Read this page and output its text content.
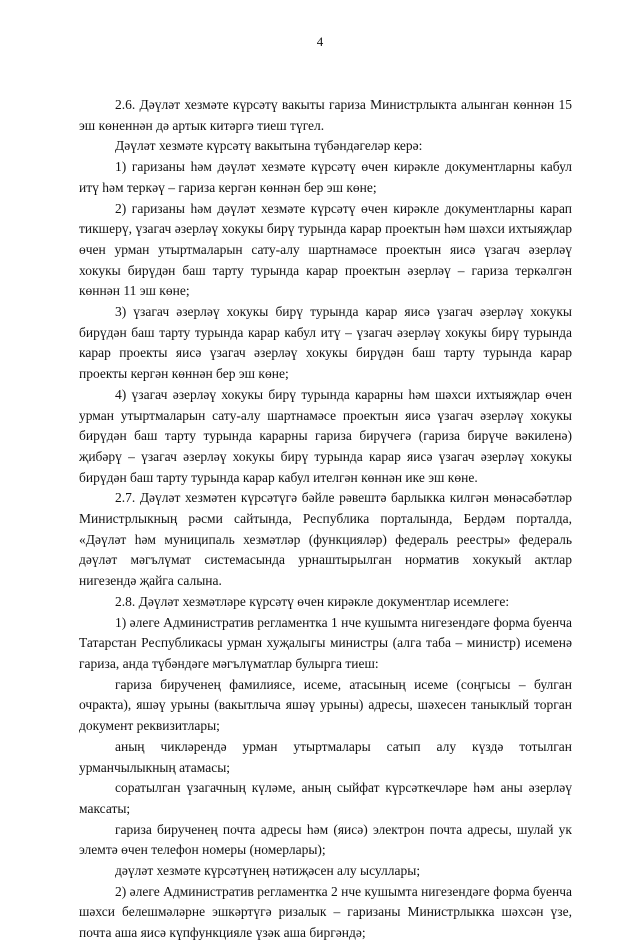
4

2.6. Дәүләт хезмәте күрсәтү вакыты гариза Министрлыкта алынган көннән 15 эш көненнән дә артык китәргә тиеш түгел.

Дәүләт хезмәте күрсәтү вакытына түбәндәгеләр керә:

1) гаризаны һәм дәүләт хезмәте күрсәтү өчен кирәкле документларны кабул итү һәм теркәү – гариза кергән көннән бер эш көне;

2) гаризаны һәм дәүләт хезмәте күрсәтү өчен кирәкле документларны карап тикшерү, үзагач әзерләү хокукы бирү турында карар проектын һәм шәхси ихтыяҗлар өчен урман утыртмаларын сату-алу шартнамәсе проектын яисә үзагач әзерләү хокукы бирүдән баш тарту турында карар проектын әзерләү – гариза теркәлгән көннән 11 эш көне;

3) үзагач әзерләү хокукы бирү турында карар яисә үзагач әзерләү хокукы бирүдән баш тарту турында карар кабул итү – үзагач әзерләү хокукы бирү турында карар проекты яисә үзагач әзерләү хокукы бирүдән баш тарту турында карар проекты кергән көннән бер эш көне;

4) үзагач әзерләү хокукы бирү турында карарны һәм шәхси ихтыяҗлар өчен урман утыртмаларын сату-алу шартнамәсе проектын яисә үзагач әзерләү хокукы бирүдән баш тарту турында карарны гариза бирүчегә (гариза бирүче вәкиленә) җибәрү – үзагач әзерләү хокукы бирү турында карар яисә үзагач әзерләү хокукы бирүдән баш тарту турында карар кабул ителгән көннән ике эш көне.

2.7. Дәүләт хезмәтен күрсәтүгә бәйле рәвештә барлыкка килгән мөнәсәбәтләр Министрлыкның рәсми сайтында, Республика порталында, Бердәм порталда, «Дәүләт һәм муниципаль хезмәтләр (функцияләр) федераль реестры» федераль дәүләт мәгълүмат системасында урнаштырылган норматив хокукый актлар нигезендә җайга салына.

2.8. Дәүләт хезмәтләре күрсәтү өчен кирәкле документлар исемлеге:

1) әлеге Административ регламентка 1 нче кушымта нигезендәге форма буенча Татарстан Республикасы урман хуҗалыгы министры (алга таба – министр) исеменә гариза, анда түбәндәге мәгълүматлар булырга тиеш:

гариза бирученең фамилиясе, исеме, атасының исеме (соңгысы – булган очракта), яшәү урыны (вакытлыча яшәү урыны) адресы, шәхесен таныклый торган документ реквизитлары;

аның чикләрендә урман утыртмалары сатып алу күздә тотылган урманчылыкның атамасы;

соратылган үзагачның күләме, аның сыйфат күрсәткечләре һәм аны әзерләү максаты;

гариза бирученең почта адресы һәм (яисә) электрон почта адресы, шулай ук элемтә өчен телефон номеры (номерлары);

дәүләт хезмәте күрсәтүнең нәтиҗәсен алу ысуллары;

2) әлеге Административ регламентка 2 нче кушымта нигезендәге форма буенча шәхси белешмәләрне эшкәртүгә ризалык – гаризаны Министрлыкка шәхсән үзе, почта аша яисә күпфункцияле үзәк аша биргәндә;
